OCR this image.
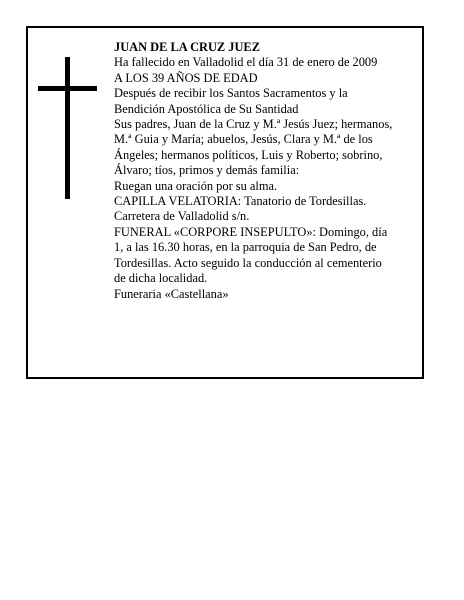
JUAN DE LA CRUZ JUEZ

Ha fallecido en Valladolid el día 31 de enero de 2009

A LOS 39 AÑOS DE EDAD

Después de recibir los Santos Sacramentos y la

Bendición Apostólica de Su Santidad

Sus padres, Juan de la Cruz y M.ª Jesús Juez; hermanos,

M.ª Guia y María; abuelos, Jesús, Clara y M.ª de los

Ángeles; hermanos políticos, Luis y Roberto; sobrino,

Álvaro; tíos, primos y demás familia:

Ruegan una oración por su alma.

CAPILLA VELATORIA: Tanatorio de Tordesillas.

Carretera de Valladolid s/n.

FUNERAL «CORPORE INSEPULTO»: Domingo, día

1, a las 16.30 horas, en la parroquia de San Pedro, de

Tordesillas. Acto seguido la conducción al cementerio

de dicha localidad.

Funeraria «Castellana»
